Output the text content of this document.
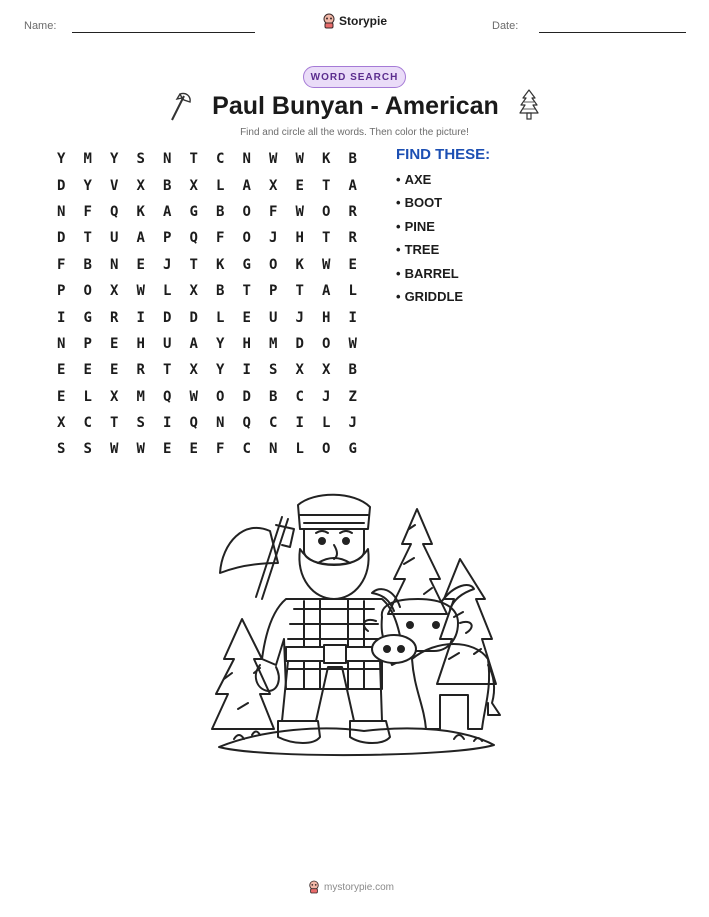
Name:	Storypie	Date:
WORD SEARCH
Paul Bunyan - American
Find and circle all the words. Then color the picture!
Y	M	Y	S	N	T	C	N	W	W	K	B
D	Y	V	X	B	X	L	A	X	E	T	A
N	F	Q	K	A	G	B	O	F	W	O	R
D	T	U	A	P	Q	F	O	J	H	T	R
F	B	N	E	J	T	K	G	O	K	W	E
P	O	X	W	L	X	B	T	P	T	A	L
I	G	R	I	D	D	L	E	U	J	H	I
N	P	E	H	U	A	Y	H	M	D	O	W
E	E	E	R	T	X	Y	I	S	X	X	B
E	L	X	M	Q	W	O	D	B	C	J	Z
X	C	T	S	I	Q	N	Q	C	I	L	J
S	S	W	W	E	E	F	C	N	L	O	G
FIND THESE:
• AXE
• BOOT
• PINE
• TREE
• BARREL
• GRIDDLE
mystorypie.com
